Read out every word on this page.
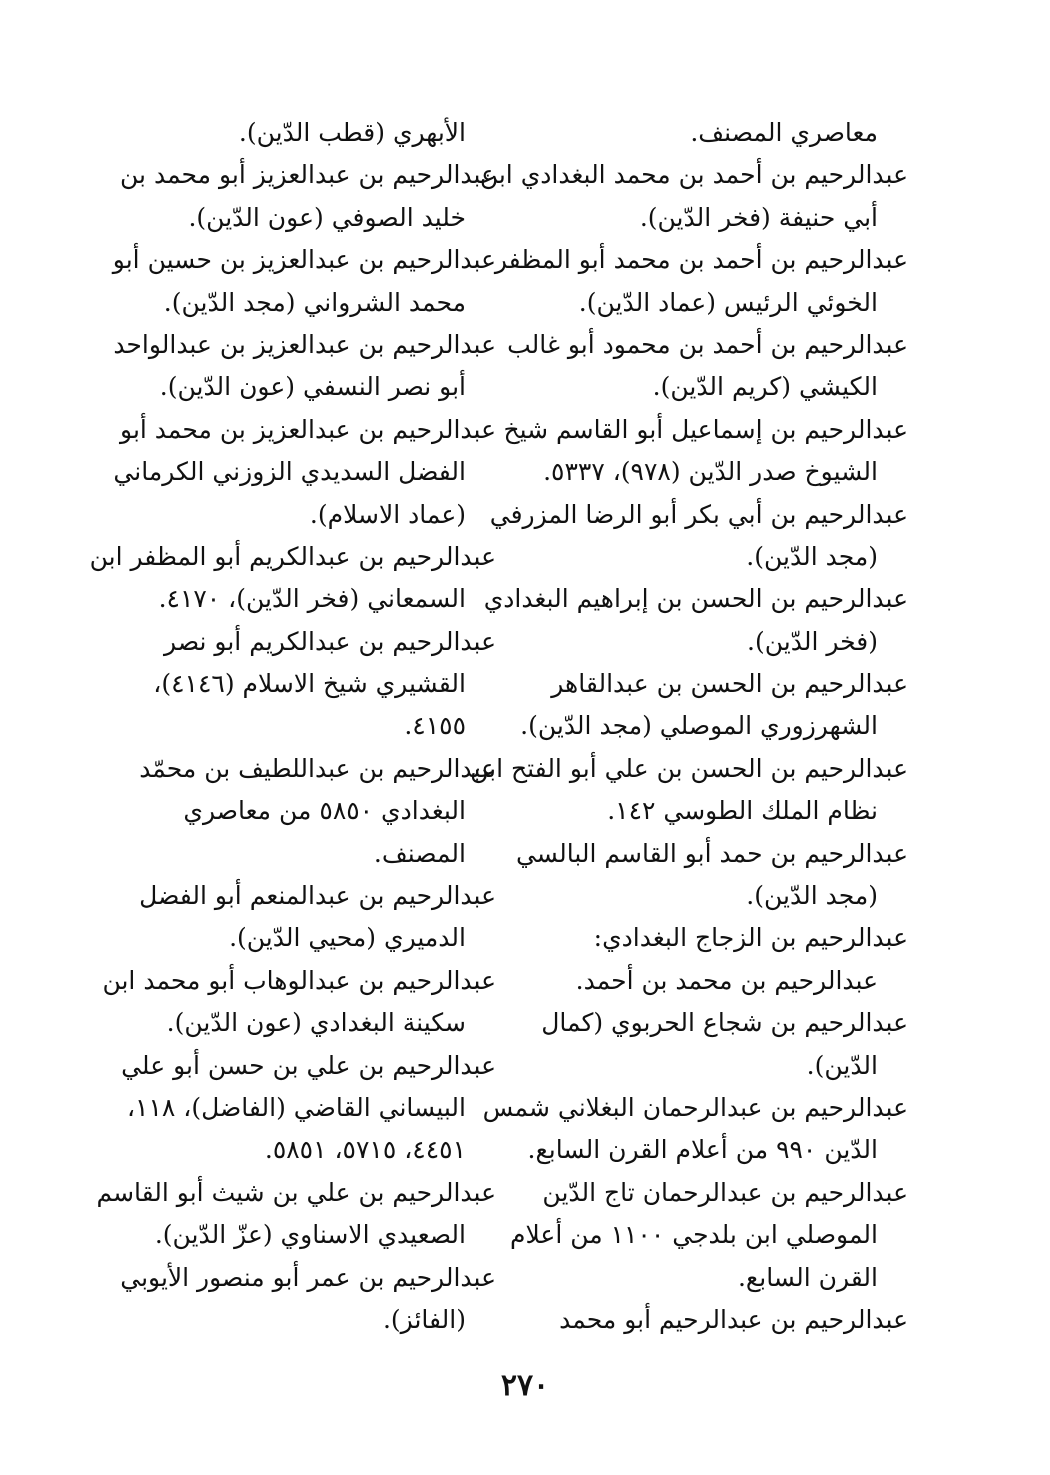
معاصري المصنف.
عبدالرحيم بن أحمد بن محمد البغدادي ابن
أبي حنيفة (فخر الدّين).
عبدالرحيم بن أحمد بن محمد أبو المظفر
الخوئي الرئيس (عماد الدّين).
عبدالرحيم بن أحمد بن محمود أبو غالب
الكيشي (كريم الدّين).
عبدالرحيم بن إسماعيل أبو القاسم شيخ
الشيوخ صدر الدّين (٩٧٨)، ٥٣٣٧.
عبدالرحيم بن أبي بكر أبو الرضا المزرفي
(مجد الدّين).
عبدالرحيم بن الحسن بن إبراهيم البغدادي
(فخر الدّين).
عبدالرحيم بن الحسن بن عبدالقاهر
الشهرزوري الموصلي (مجد الدّين).
عبدالرحيم بن الحسن بن علي أبو الفتح ابن
نظام الملك الطوسي ١٤٢.
عبدالرحيم بن حمد أبو القاسم البالسي
(مجد الدّين).
عبدالرحيم بن الزجاج البغدادي:
عبدالرحيم بن محمد بن أحمد.
عبدالرحيم بن شجاع الحربوي (كمال
الدّين).
عبدالرحيم بن عبدالرحمان البغلاني شمس
الدّين ٩٩٠ من أعلام القرن السابع.
عبدالرحيم بن عبدالرحمان تاج الدّين
الموصلي ابن بلدجي ١١٠٠ من أعلام
القرن السابع.
عبدالرحيم بن عبدالرحيم أبو محمد
الأبهري (قطب الدّين).
عبدالرحيم بن عبدالعزيز أبو محمد بن
خليد الصوفي (عون الدّين).
عبدالرحيم بن عبدالعزيز بن حسين أبو
محمد الشرواني (مجد الدّين).
عبدالرحيم بن عبدالعزيز بن عبدالواحد
أبو نصر النسفي (عون الدّين).
عبدالرحيم بن عبدالعزيز بن محمد أبو
الفضل السديدي الزوزني الكرماني
(عماد الاسلام).
عبدالرحيم بن عبدالكريم أبو المظفر ابن
السمعاني (فخر الدّين)، ٤١٧٠.
عبدالرحيم بن عبدالكريم أبو نصر
القشيري شيخ الاسلام (٤١٤٦)،
٤١٥٥.
عبدالرحيم بن عبداللطيف بن محمّد
البغدادي ٥٨٥٠ من معاصري
المصنف.
عبدالرحيم بن عبدالمنعم أبو الفضل
الدميري (محيي الدّين).
عبدالرحيم بن عبدالوهاب أبو محمد ابن
سكينة البغدادي (عون الدّين).
عبدالرحيم بن علي بن حسن أبو علي
البيساني القاضي (الفاضل)، ١١٨،
٤٤٥١، ٥٧١٥، ٥٨٥١.
عبدالرحيم بن علي بن شيث أبو القاسم
الصعيدي الاسناوي (عزّ الدّين).
عبدالرحيم بن عمر أبو منصور الأيوبي
(الفائز).
٢٧٠
